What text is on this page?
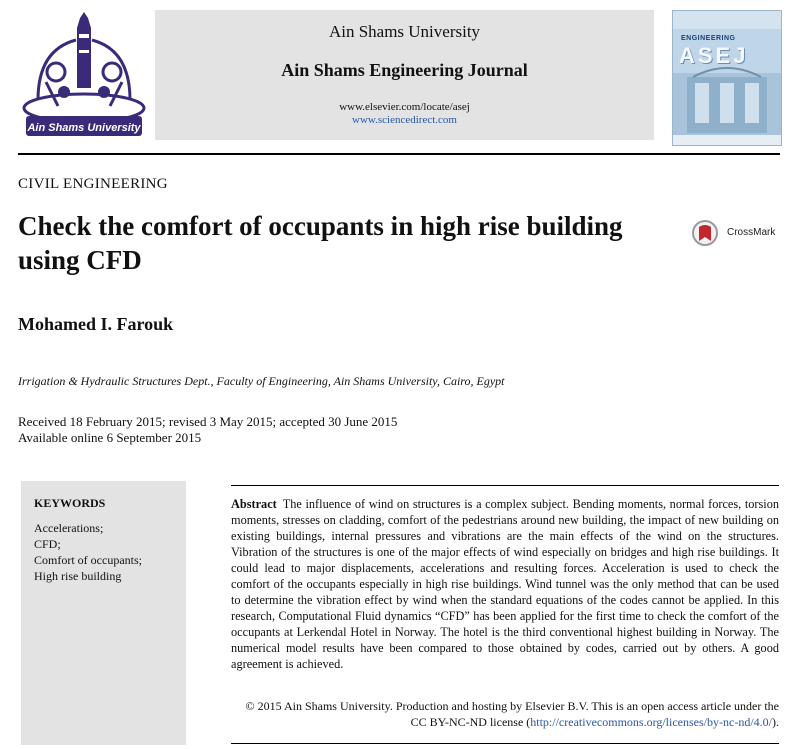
Ain Shams University
Ain Shams University
Ain Shams Engineering Journal
www.elsevier.com/locate/asej
www.sciencedirect.com
ENGINEERING
ASEJ
CIVIL ENGINEERING
Check the comfort of occupants in high rise building using CFD
CrossMark
Mohamed I. Farouk
Irrigation & Hydraulic Structures Dept., Faculty of Engineering, Ain Shams University, Cairo, Egypt
Received 18 February 2015; revised 3 May 2015; accepted 30 June 2015
Available online 6 September 2015
KEYWORDS
Accelerations;
CFD;
Comfort of occupants;
High rise building
Abstract The influence of wind on structures is a complex subject. Bending moments, normal forces, torsion moments, stresses on cladding, comfort of the pedestrians around new building, the impact of new building on existing buildings, internal pressures and vibrations are the main effects of the wind on the structures. Vibration of the structures is one of the major effects of wind especially on bridges and high rise buildings. It could lead to major displacements, accelerations and resulting forces. Acceleration is used to check the comfort of the occupants especially in high rise buildings. Wind tunnel was the only method that can be used to determine the vibration effect by wind when the standard equations of the codes cannot be applied. In this research, Computational Fluid dynamics “CFD” has been applied for the first time to check the comfort of the occupants at Lerkendal Hotel in Norway. The hotel is the third conventional highest building in Norway. The numerical model results have been compared to those obtained by codes, carried out by others. A good agreement is achieved.
© 2015 Ain Shams University. Production and hosting by Elsevier B.V. This is an open access article under the CC BY-NC-ND license (http://creativecommons.org/licenses/by-nc-nd/4.0/).
